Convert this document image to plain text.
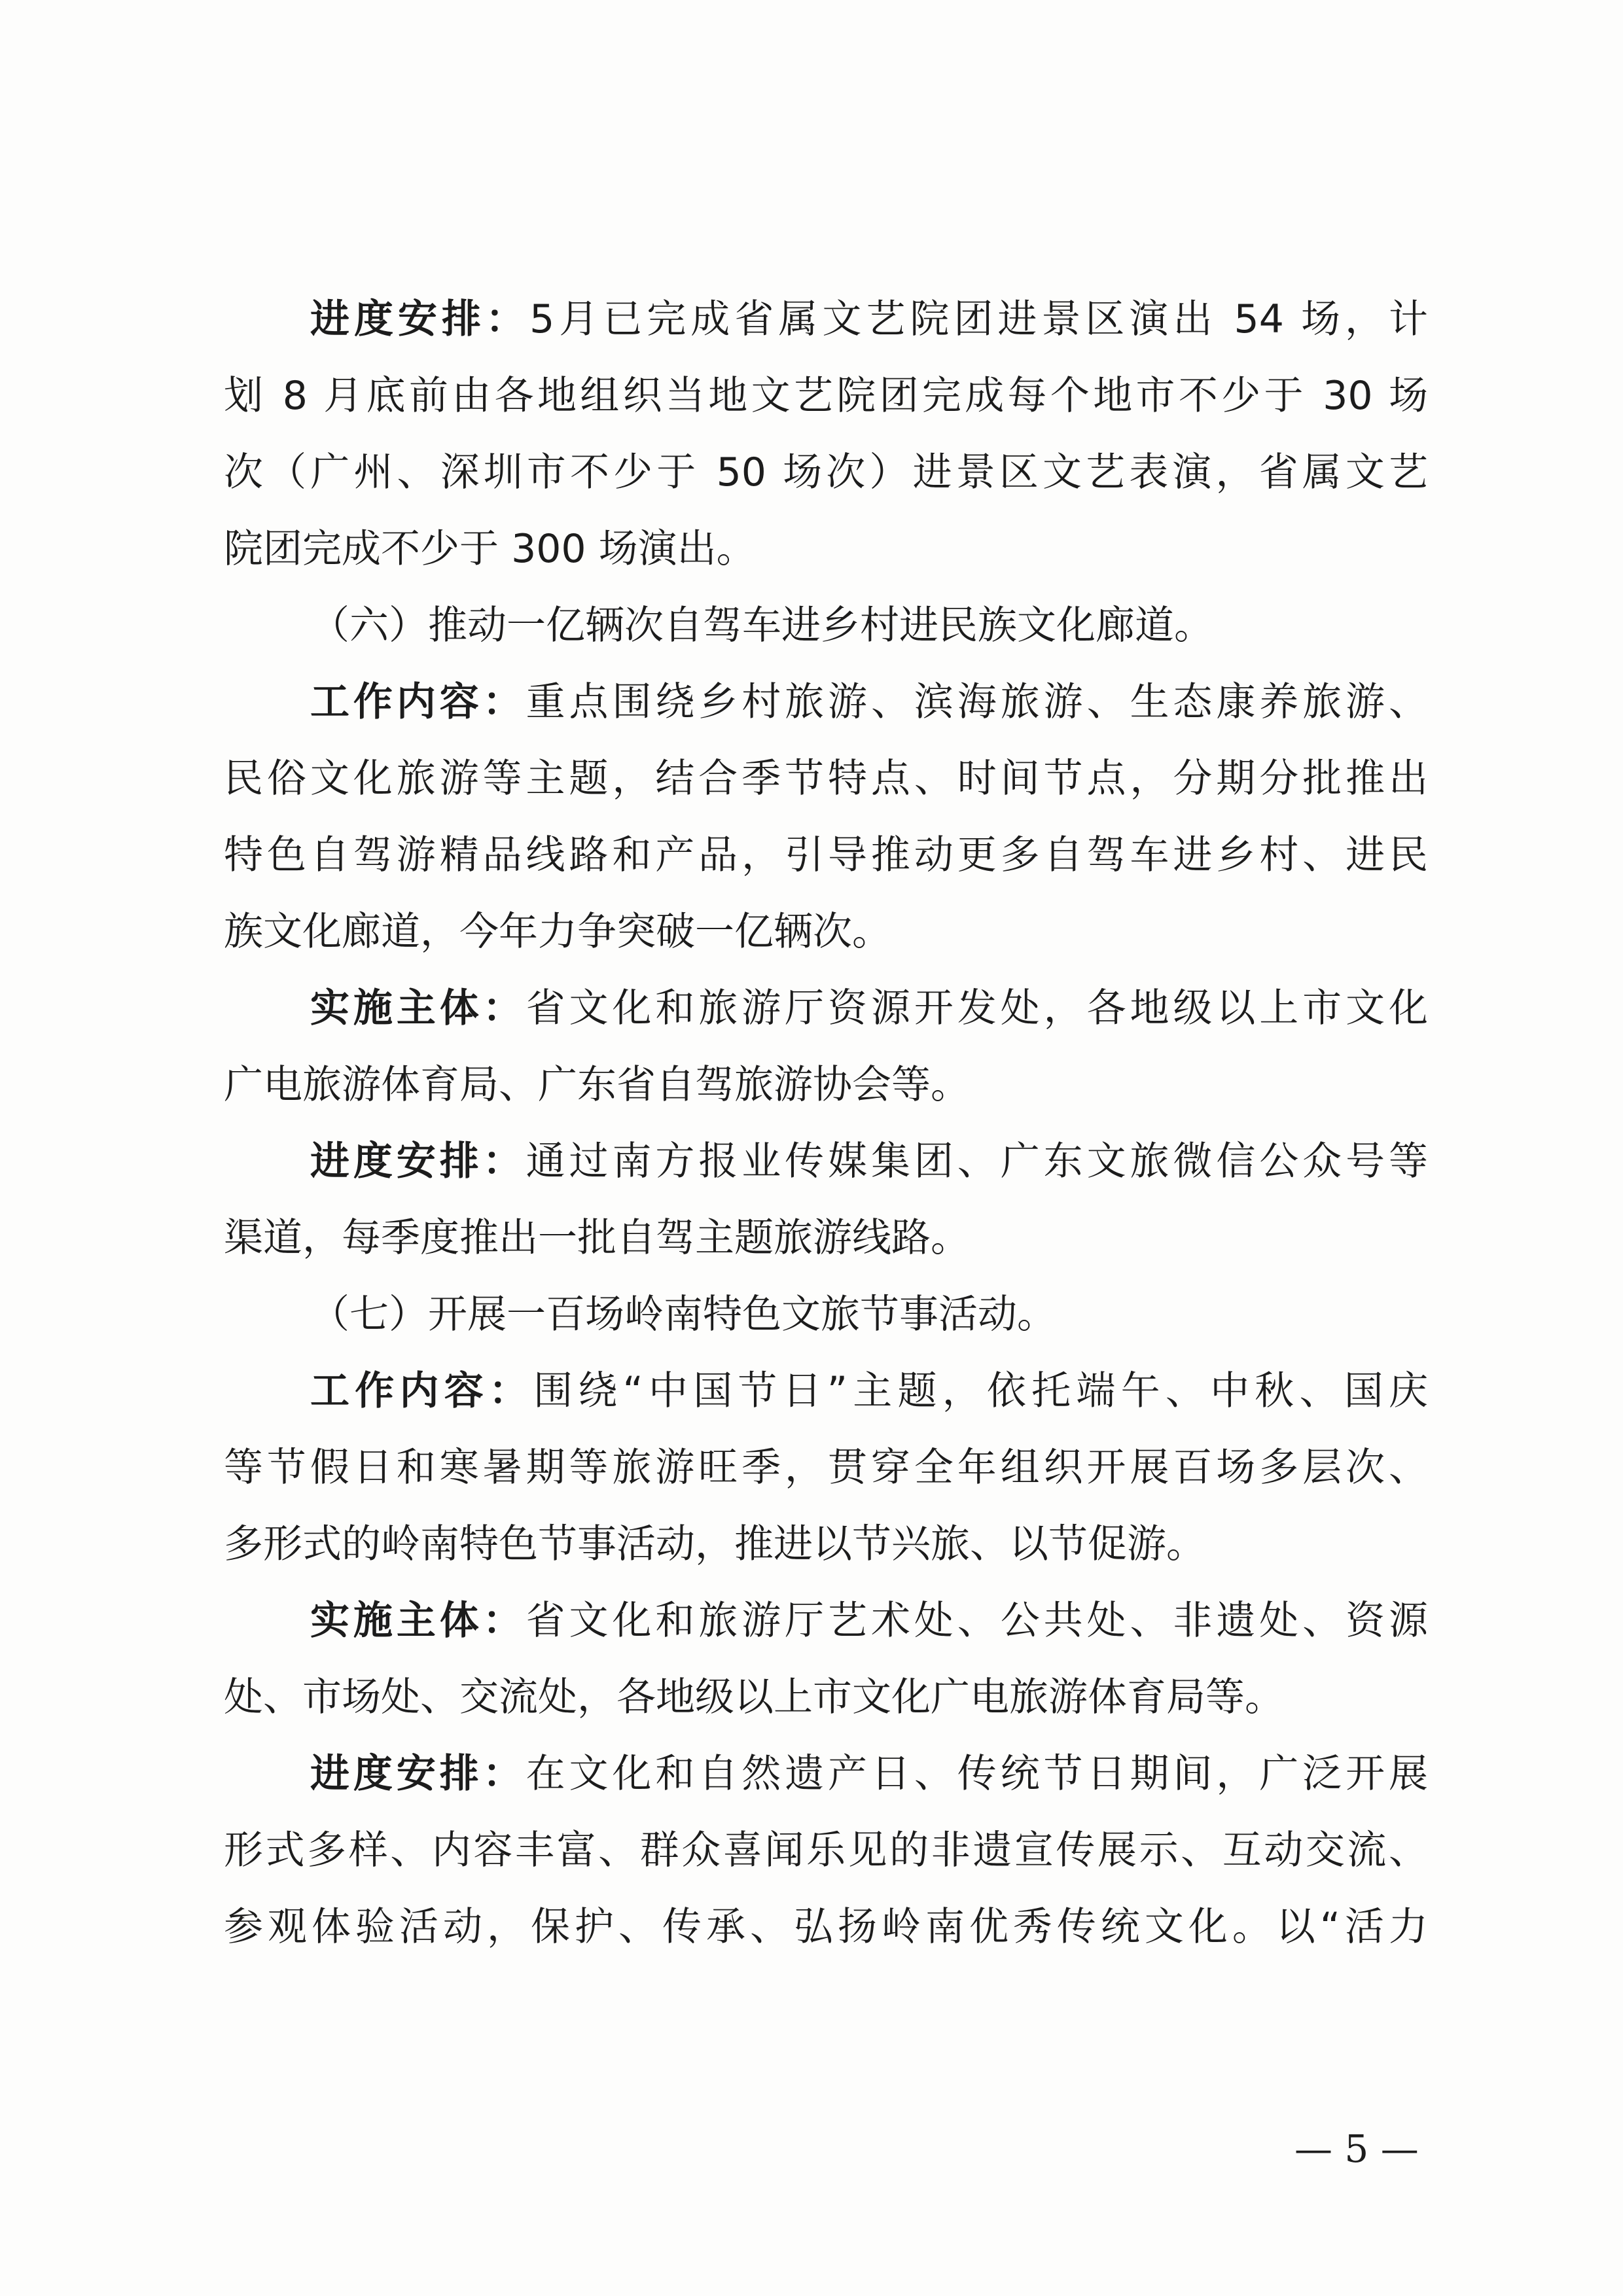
进度安排：5月已完成省属文艺院团进景区演出 54 场，计
划 8 月底前由各地组织当地文艺院团完成每个地市不少于 30 场
次（广州、深圳市不少于 50 场次）进景区文艺表演，省属文艺
院团完成不少于 300 场演出。
（六）推动一亿辆次自驾车进乡村进民族文化廊道。
工作内容：重点围绕乡村旅游、滨海旅游、生态康养旅游、
民俗文化旅游等主题，结合季节特点、时间节点，分期分批推出
特色自驾游精品线路和产品，引导推动更多自驾车进乡村、进民
族文化廊道，今年力争突破一亿辆次。
实施主体：省文化和旅游厅资源开发处，各地级以上市文化
广电旅游体育局、广东省自驾旅游协会等。
进度安排：通过南方报业传媒集团、广东文旅微信公众号等
渠道，每季度推出一批自驾主题旅游线路。
（七）开展一百场岭南特色文旅节事活动。
工作内容：围绕“中国节日”主题，依托端午、中秋、国庆
等节假日和寒暑期等旅游旺季，贯穿全年组织开展百场多层次、
多形式的岭南特色节事活动，推进以节兴旅、以节促游。
实施主体：省文化和旅游厅艺术处、公共处、非遗处、资源
处、市场处、交流处，各地级以上市文化广电旅游体育局等。
进度安排：在文化和自然遗产日、传统节日期间，广泛开展
形式多样、内容丰富、群众喜闻乐见的非遗宣传展示、互动交流、
参观体验活动，保护、传承、弘扬岭南优秀传统文化。以“活力
— 5 —
